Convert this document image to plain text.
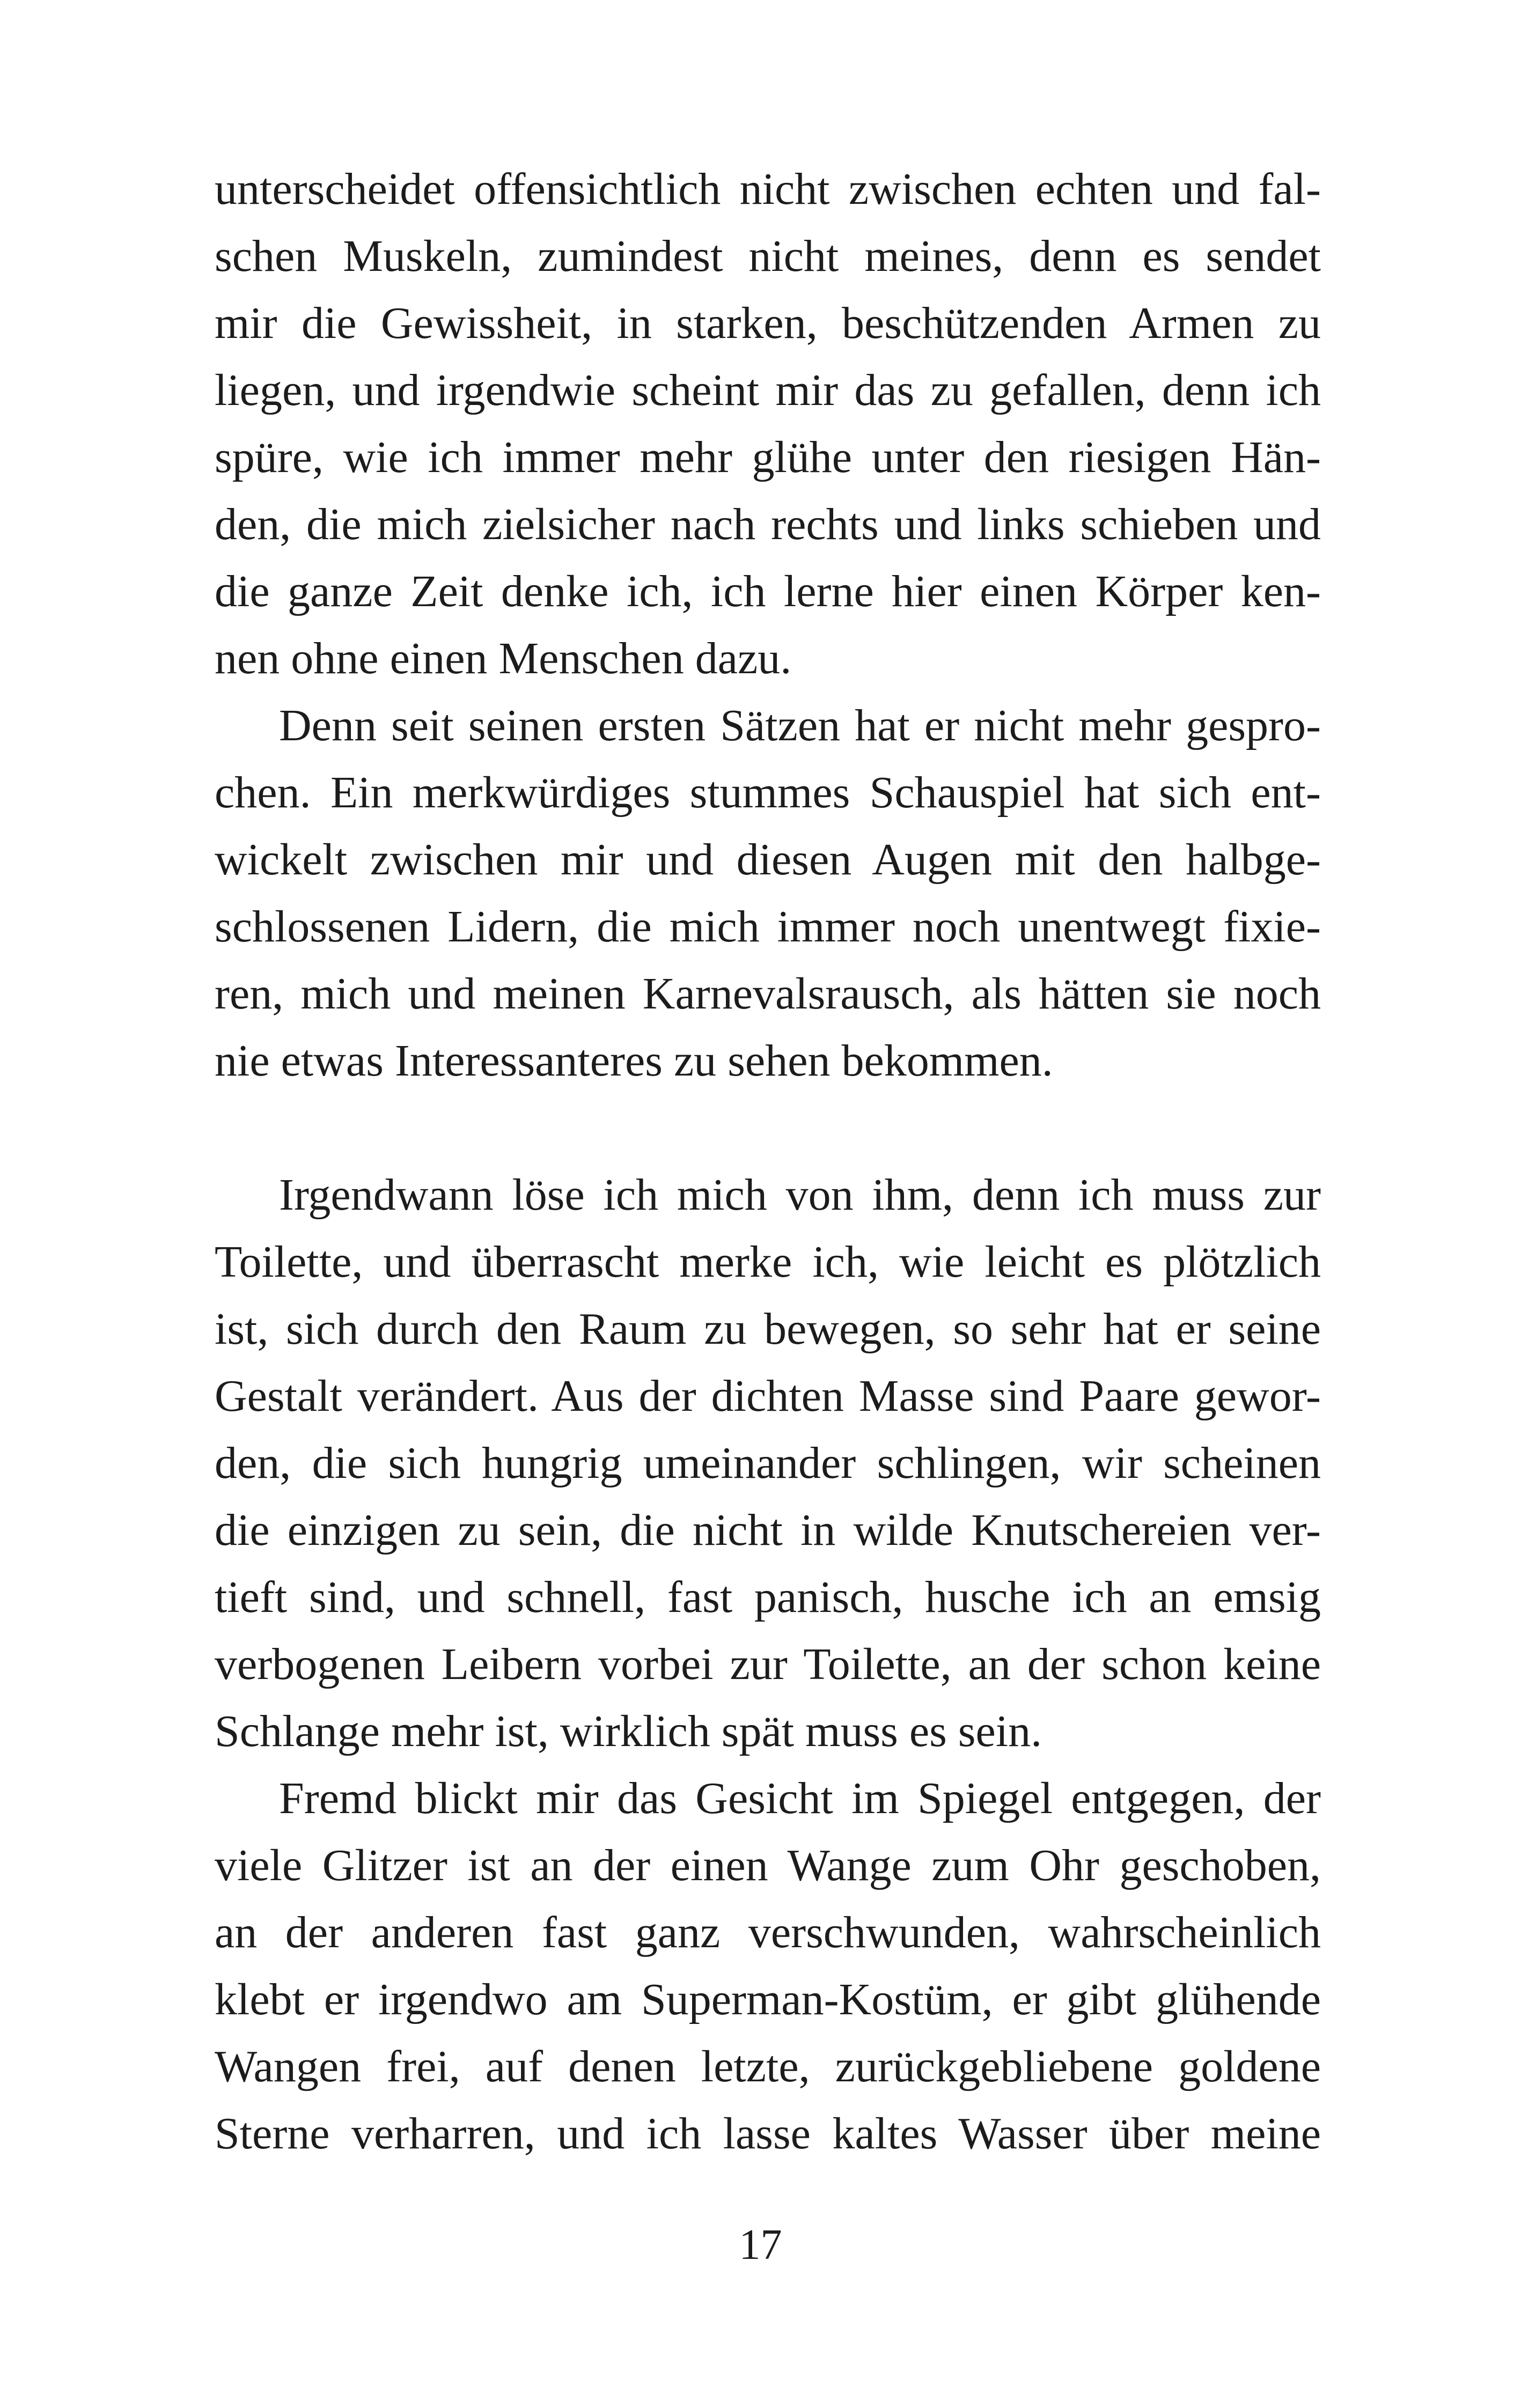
unterscheidet offensichtlich nicht zwischen echten und fal-
schen Muskeln, zumindest nicht meines, denn es sendet
mir die Gewissheit, in starken, beschützenden Armen zu
liegen, und irgendwie scheint mir das zu gefallen, denn ich
spüre, wie ich immer mehr glühe unter den riesigen Hän-
den, die mich zielsicher nach rechts und links schieben und
die ganze Zeit denke ich, ich lerne hier einen Körper ken-
nen ohne einen Menschen dazu.
Denn seit seinen ersten Sätzen hat er nicht mehr gespro-
chen. Ein merkwürdiges stummes Schauspiel hat sich ent-
wickelt zwischen mir und diesen Augen mit den halbge-
schlossenen Lidern, die mich immer noch unentwegt fixie-
ren, mich und meinen Karnevalsrausch, als hätten sie noch
nie etwas Interessanteres zu sehen bekommen.
Irgendwann löse ich mich von ihm, denn ich muss zur
Toilette, und überrascht merke ich, wie leicht es plötzlich
ist, sich durch den Raum zu bewegen, so sehr hat er seine
Gestalt verändert. Aus der dichten Masse sind Paare gewor-
den, die sich hungrig umeinander schlingen, wir scheinen
die einzigen zu sein, die nicht in wilde Knutschereien ver-
tieft sind, und schnell, fast panisch, husche ich an emsig
verbogenen Leibern vorbei zur Toilette, an der schon keine
Schlange mehr ist, wirklich spät muss es sein.
Fremd blickt mir das Gesicht im Spiegel entgegen, der
viele Glitzer ist an der einen Wange zum Ohr geschoben,
an der anderen fast ganz verschwunden, wahrscheinlich
klebt er irgendwo am Superman-Kostüm, er gibt glühende
Wangen frei, auf denen letzte, zurückgebliebene goldene
Sterne verharren, und ich lasse kaltes Wasser über meine
17
